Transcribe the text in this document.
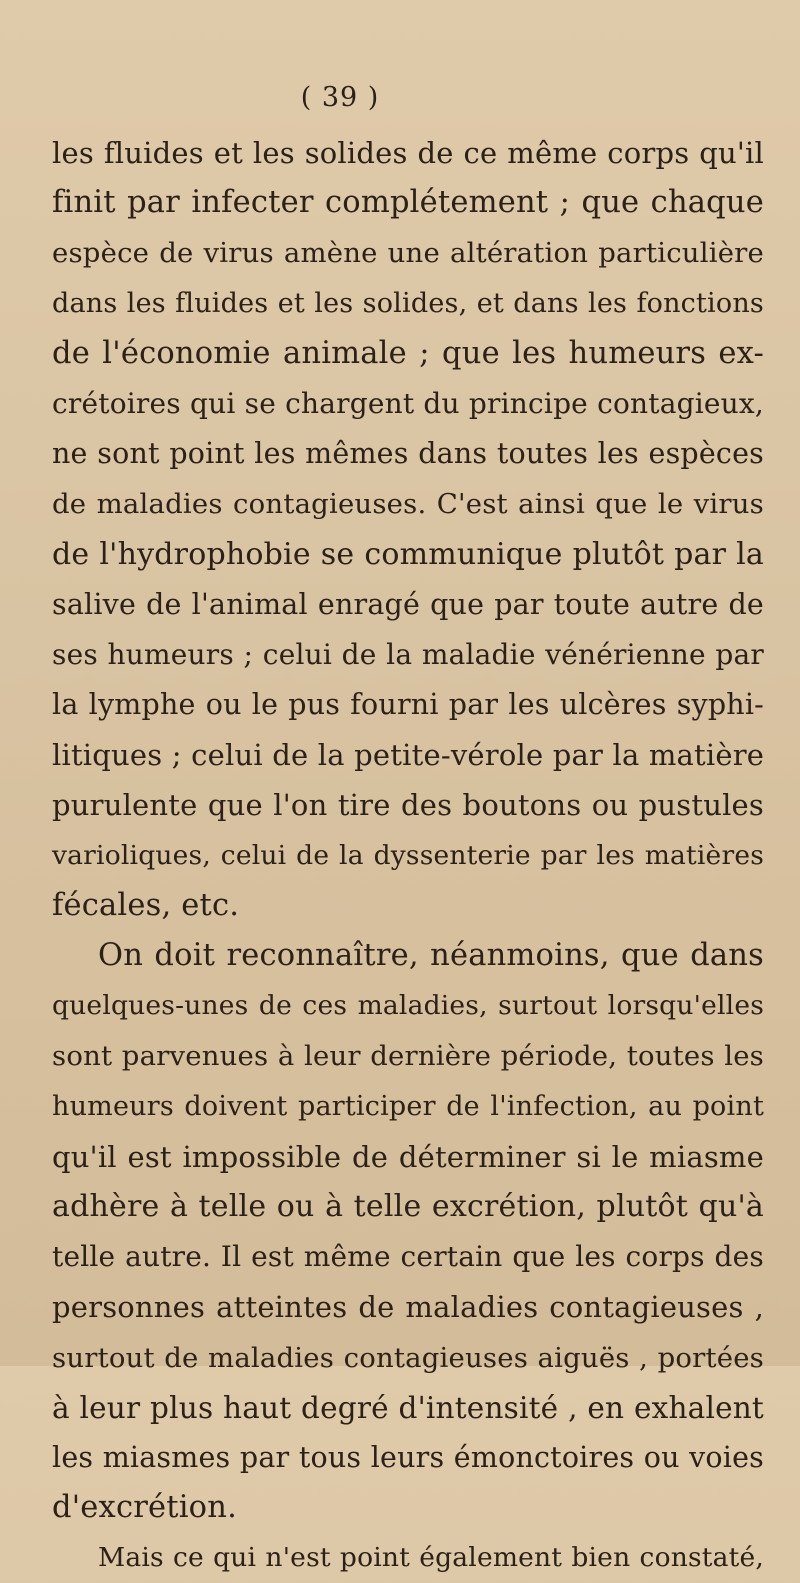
( 39 )
les fluides et les solides de ce même corps qu'il
finit par infecter complétement ; que chaque
espèce de virus amène une altération particulière
dans les fluides et les solides, et dans les fonctions
de l'économie animale ; que les humeurs ex-
crétoires qui se chargent du principe contagieux,
ne sont point les mêmes dans toutes les espèces
de maladies contagieuses. C'est ainsi que le virus
de l'hydrophobie se communique plutôt par la
salive de l'animal enragé que par toute autre de
ses humeurs ; celui de la maladie vénérienne par
la lymphe ou le pus fourni par les ulcères syphi-
litiques ; celui de la petite-vérole par la matière
purulente que l'on tire des boutons ou pustules
varioliques, celui de la dyssenterie par les matières
fécales, etc.
On doit reconnaître, néanmoins, que dans
quelques-unes de ces maladies, surtout lorsqu'elles
sont parvenues à leur dernière période, toutes les
humeurs doivent participer de l'infection, au point
qu'il est impossible de déterminer si le miasme
adhère à telle ou à telle excrétion, plutôt qu'à
telle autre. Il est même certain que les corps des
personnes atteintes de maladies contagieuses ,
surtout de maladies contagieuses aiguës , portées
à leur plus haut degré d'intensité , en exhalent
les miasmes par tous leurs émonctoires ou voies
d'excrétion.
Mais ce qui n'est point également bien constaté,
